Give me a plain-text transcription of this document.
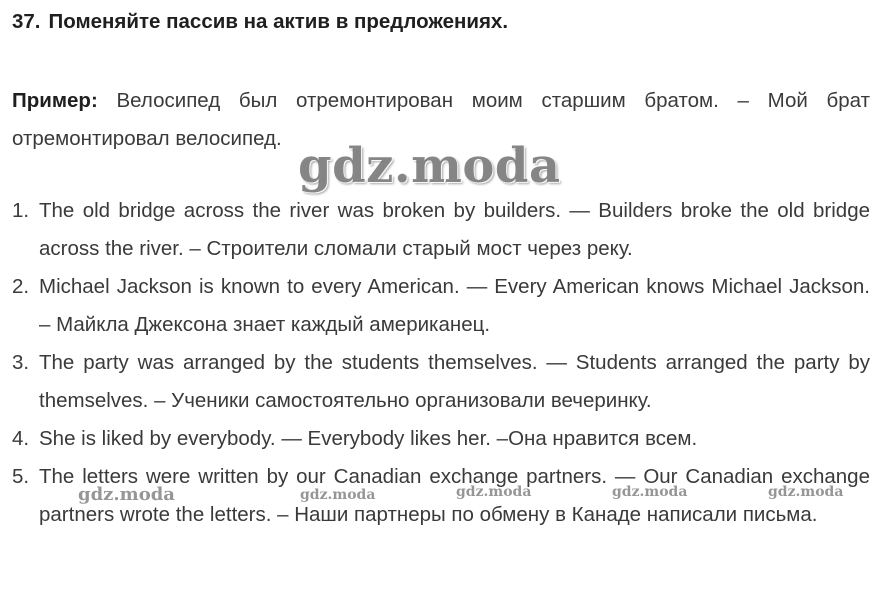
37. Поменяйте пассив на актив в предложениях.
Пример: Велосипед был отремонтирован моим старшим братом. – Мой брат отремонтировал велосипед.
1. The old bridge across the river was broken by builders. — Builders broke the old bridge across the river. – Строители сломали старый мост через реку.
2. Michael Jackson is known to every American. — Every American knows Michael Jackson. – Майкла Джексона знает каждый американец.
3. The party was arranged by the students themselves. — Students arranged the party by themselves. – Ученики самостоятельно организовали вечеринку.
4. She is liked by everybody. — Everybody likes her. –Она нравится всем.
5. The letters were written by our Canadian exchange partners. — Our Canadian exchange partners wrote the letters. – Наши партнеры по обмену в Канаде написали письма.
gdz.moda
gdz.moda	gdz.moda	gdz.moda	gdz.moda	gdz.moda
